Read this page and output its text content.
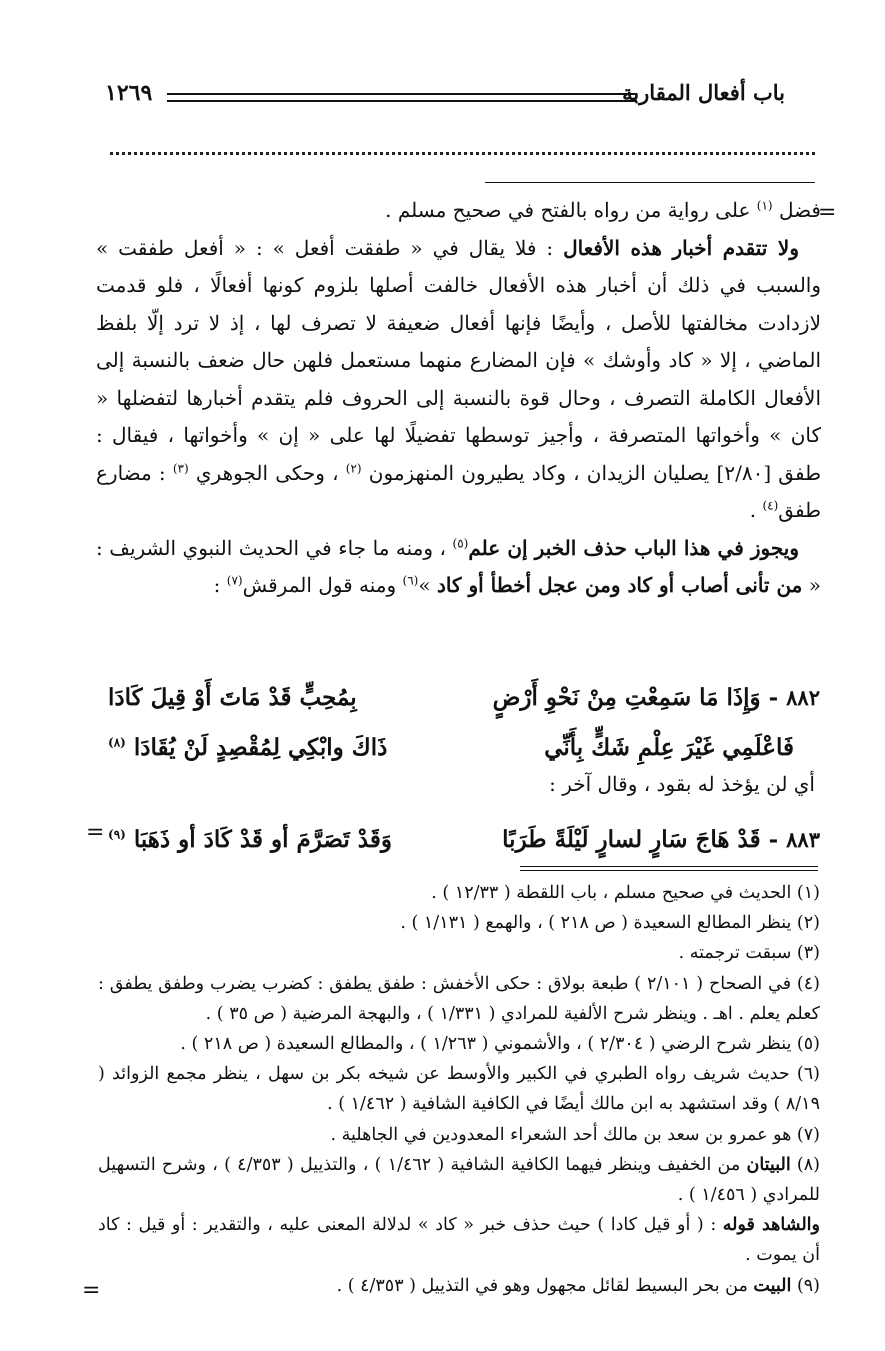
باب أفعال المقاربة
١٢٦٩
=
=
=

فضل $^{(١)}$ على رواية من رواه بالفتح في صحيح مسلم .

ولا تتقدم أخبار هذه الأفعال : فلا يقال في « طفقت أفعل » : « أفعل طفقت » والسبب في ذلك أن أخبار هذه الأفعال خالفت أصلها بلزوم كونها أفعالًا ، فلو قدمت لازدادت مخالفتها للأصل ، وأيضًا فإنها أفعال ضعيفة لا تصرف لها ، إذ لا ترد إلّا بلفظ الماضي ، إلا « كاد وأوشك » فإن المضارع منهما مستعمل فلهن حال ضعف بالنسبة إلى الأفعال الكاملة التصرف ، وحال قوة بالنسبة إلى الحروف فلم يتقدم أخبارها لتفضلها « كان » وأخواتها المتصرفة ، وأجيز توسطها تفضيلًا لها على « إن » وأخواتها ، فيقال : طفق [٢/٨٠] يصليان الزيدان ، وكاد يطيرون المنهزمون $^{(٢)}$ ، وحكى الجوهري $^{(٣)}$ : مضارع طفق$^{(٤)}$ .

ويجوز في هذا الباب حذف الخبر إن علم$^{(٥)}$ ، ومنه ما جاء في الحديث النبوي الشريف : « من تأنى أصاب أو كاد ومن عجل أخطأ أو كاد »$^{(٦)}$ ومنه قول المرقش$^{(٧)}$ :

٨٨٢ - وَإِذَا مَا سَمِعْتِ مِنْ نَحْوِ أَرْضٍ
بِمُحِبٍّ قَدْ مَاتَ أَوْ قِيلَ كَادَا
فَاعْلَمِي غَيْرَ عِلْمِ شَكٍّ بِأَنِّي
ذَاكَ وابْكِي لِمُقْصِدٍ لَنْ يُقَادَا $^{(٨)}$
أي لن يؤخذ له بقود ، وقال آخر :
٨٨٣ - قَدْ هَاجَ سَارٍ لسارٍ لَيْلَةً طَرَبًا
وَقَدْ تَصَرَّمَ أو قَدْ كَادَ أو ذَهَبَا $^{(٩)}$

(١) الحديث في صحيح مسلم ، باب اللقطة ( ١٢/٣٣ ) .

(٢) ينظر المطالع السعيدة ( ص ٢١٨ ) ، والهمع ( ١/١٣١ ) .

(٣) سبقت ترجمته .

(٤) في الصحاح ( ٢/١٠١ ) طبعة بولاق : حكى الأخفش : طفق يطفق : كضرب يضرب وطفق يطفق : كعلم يعلم . اهـ . وينظر شرح الألفية للمرادي ( ١/٣٣١ ) ، والبهجة المرضية ( ص ٣٥ ) .

(٥) ينظر شرح الرضي ( ٢/٣٠٤ ) ، والأشموني ( ١/٢٦٣ ) ، والمطالع السعيدة ( ص ٢١٨ ) .

(٦) حديث شريف رواه الطبري في الكبير والأوسط عن شيخه بكر بن سهل ، ينظر مجمع الزوائد ( ٨/١٩ ) وقد استشهد به ابن مالك أيضًا في الكافية الشافية ( ١/٤٦٢ ) .

(٧) هو عمرو بن سعد بن مالك أحد الشعراء المعدودين في الجاهلية .

(٨) البيتان من الخفيف وينظر فيهما الكافية الشافية ( ١/٤٦٢ ) ، والتذييل ( ٤/٣٥٣ ) ، وشرح التسهيل للمرادي ( ١/٤٥٦ ) .

والشاهد قوله : ( أو قيل كادا ) حيث حذف خبر « كاد » لدلالة المعنى عليه ، والتقدير : أو قيل : كاد أن يموت .

(٩) البيت من بحر البسيط لقائل مجهول وهو في التذييل ( ٤/٣٥٣ ) .
